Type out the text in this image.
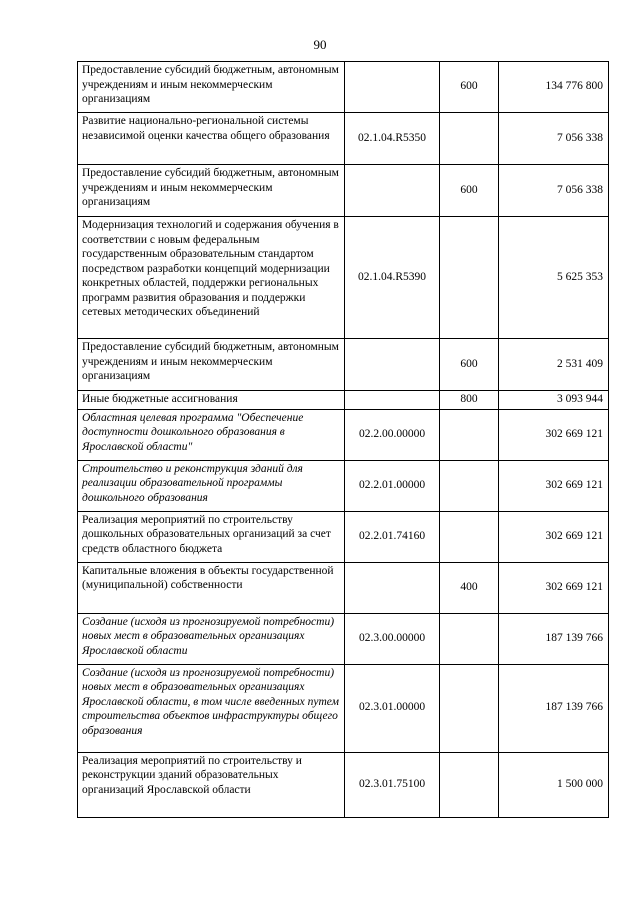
90
Предоставление субсидий бюджетным, автономным учреждениям и иным некоммерческим организациям		600	134 776 800

Развитие национально-региональной системы независимой оценки качества общего образования	02.1.04.R5350		7 056 338

Предоставление субсидий бюджетным, автономным учреждениям и иным некоммерческим организациям		600	7 056 338

Модернизация технологий и содержания обучения в соответствии с новым федеральным государственным образовательным стандартом посредством разработки концепций модернизации конкретных областей, поддержки региональных программ развития образования и поддержки сетевых методических объединений	02.1.04.R5390		5 625 353

Предоставление субсидий бюджетным, автономным учреждениям и иным некоммерческим организациям		600	2 531 409

Иные бюджетные ассигнования		800	3 093 944

Областная целевая программа "Обеспечение доступности дошкольного образования в Ярославской области"	02.2.00.00000		302 669 121

Строительство и реконструкция зданий для реализации образовательной программы дошкольного образования	02.2.01.00000		302 669 121

Реализация мероприятий по строительству дошкольных образовательных организаций за счет средств областного бюджета	02.2.01.74160		302 669 121

Капитальные вложения в объекты государственной (муниципальной) собственности		400	302 669 121

Создание (исходя из прогнозируемой потребности) новых мест в образовательных организациях Ярославской области	02.3.00.00000		187 139 766

Создание (исходя из прогнозируемой потребности) новых мест в образовательных организациях Ярославской области, в том числе введенных путем строительства объектов инфраструктуры общего образования	02.3.01.00000		187 139 766

Реализация мероприятий по строительству и реконструкции зданий образовательных организаций Ярославской области	02.3.01.75100		1 500 000
